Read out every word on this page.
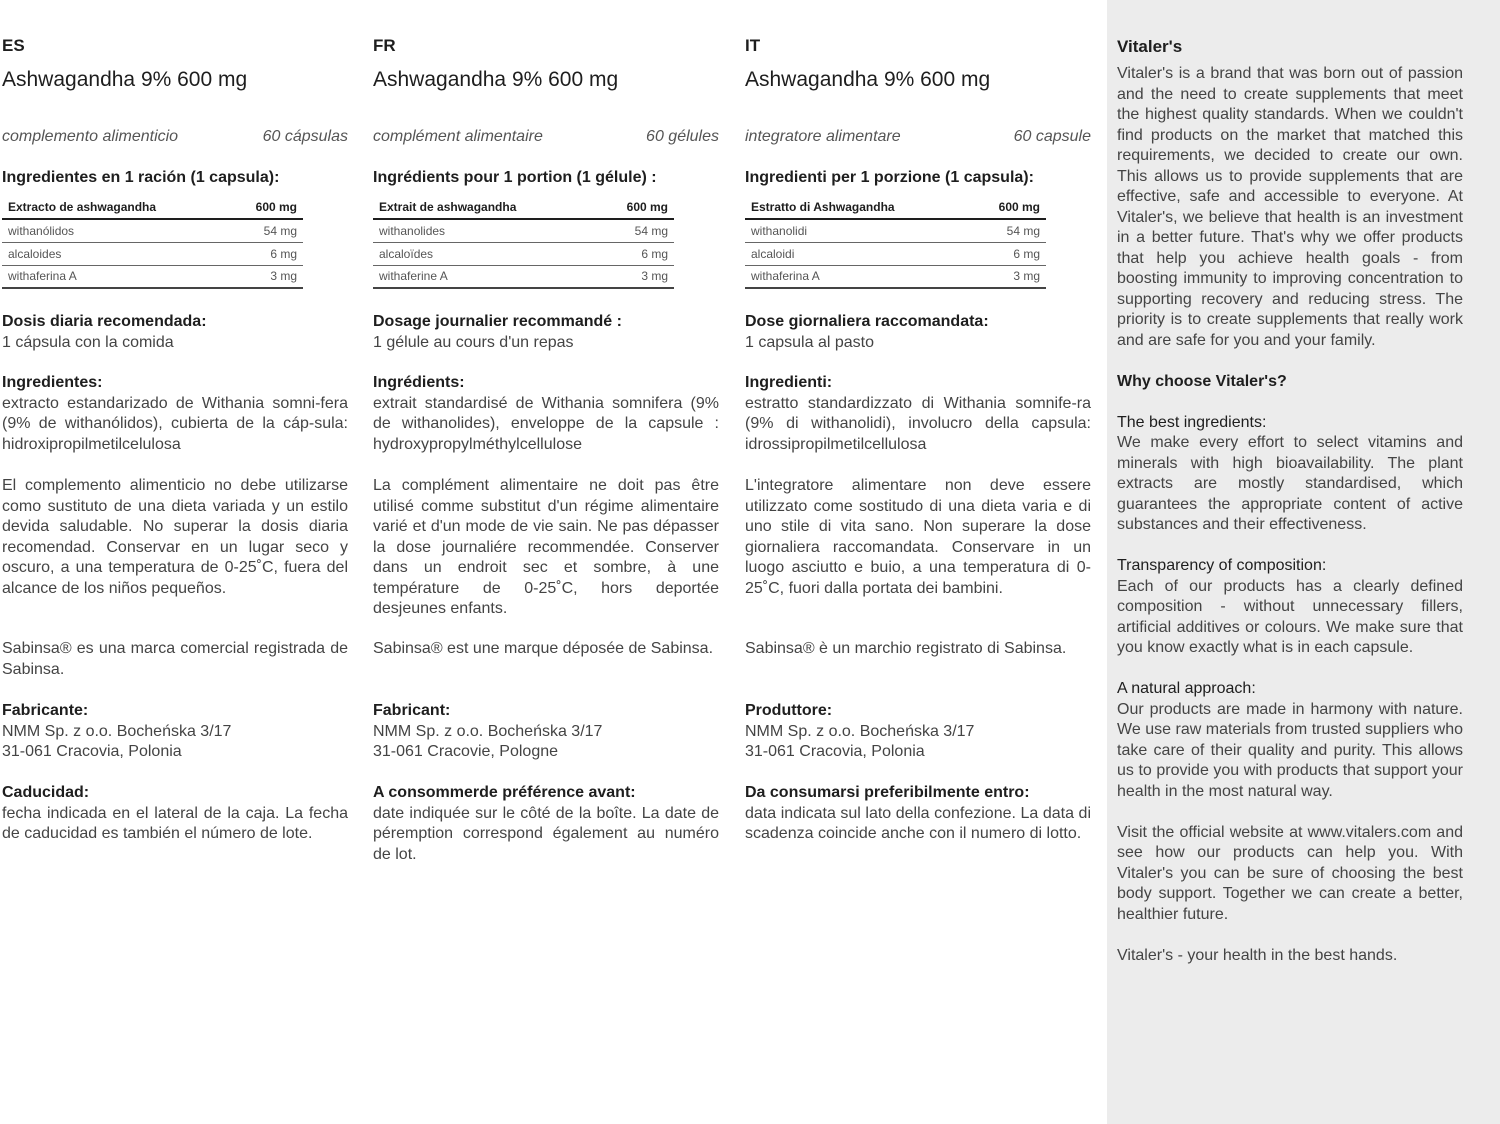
ES
Ashwagandha 9% 600 mg
complemento alimenticio	60 cápsulas
Ingredientes en 1 ración (1 capsula):
Extracto de ashwagandha	600 mg
withanólidos	54 mg
alcaloides	6 mg
withaferina A	3 mg
Dosis diaria recomendada:
1 cápsula con la comida
Ingredientes:
extracto estandarizado de Withania somni-fera (9% de withanólidos), cubierta de la cáp-sula: hidroxipropilmetilcelulosa
El complemento alimenticio no debe utilizarse como sustituto de una dieta variada y un estilo devida saludable. No superar la dosis diaria recomendad. Conservar en un lugar seco y oscuro, a una temperatura de 0-25˚C, fuera del alcance de los niños pequeños.
Sabinsa® es una marca comercial registrada de Sabinsa.
Fabricante:
NMM Sp. z o.o. Bocheńska 3/17
31-061 Cracovia, Polonia
Caducidad:
fecha indicada en el lateral de la caja. La fecha de caducidad es también el número de lote.
FR
Ashwagandha 9% 600 mg
complément alimentaire	60 gélules
Ingrédients pour 1 portion (1 gélule) :
Extrait de ashwagandha	600 mg
withanolides	54 mg
alcaloïdes	6 mg
withaferine A	3 mg
Dosage journalier recommandé :
1 gélule au cours d'un repas
Ingrédients:
extrait standardisé de Withania somnifera (9% de withanolides), enveloppe de la capsule : hydroxypropylméthylcellulose
La complément alimentaire ne doit pas être utilisé comme substitut d'un régime alimentaire varié et d'un mode de vie sain. Ne pas dépasser la dose journaliére recommendée. Conserver dans un endroit sec et sombre, à une température de 0-25˚C, hors deportée desjeunes enfants.
Sabinsa® est une marque déposée de Sabinsa.
Fabricant:
NMM Sp. z o.o. Bocheńska 3/17
31-061 Cracovie, Pologne
A consommerde préférence avant:
date indiquée sur le côté de la boîte. La date de péremption correspond également au numéro de lot.
IT
Ashwagandha 9% 600 mg
integratore alimentare	60 capsule
Ingredienti per 1 porzione (1 capsula):
Estratto di Ashwagandha	600 mg
withanolidi	54 mg
alcaloidi	6 mg
withaferina A	3 mg
Dose giornaliera raccomandata:
1 capsula al pasto
Ingredienti:
estratto standardizzato di Withania somnife-ra (9% di withanolidi), involucro della capsula: idrossipropilmetilcellulosa
L'integratore alimentare non deve essere utilizzato come sostitudo di una dieta varia e di uno stile di vita sano. Non superare la dose giornaliera raccomandata. Conservare in un luogo asciutto e buio, a una temperatura di 0-25˚C, fuori dalla portata dei bambini.
Sabinsa® è un marchio registrato di Sabinsa.
Produttore:
NMM Sp. z o.o. Bocheńska 3/17
31-061 Cracovia, Polonia
Da consumarsi preferibilmente entro:
data indicata sul lato della confezione. La data di scadenza coincide anche con il numero di lotto.
Vitaler's
Vitaler's is a brand that was born out of passion and the need to create supplements that meet the highest quality standards. When we couldn't find products on the market that matched this requirements, we decided to create our own. This allows us to provide supplements that are effective, safe and accessible to everyone. At Vitaler's, we believe that health is an investment in a better future. That's why we offer products that help you achieve health goals - from boosting immunity to improving concentration to supporting recovery and reducing stress. The priority is to create supplements that really work and are safe for you and your family.
Why choose Vitaler's?
The best ingredients:
We make every effort to select vitamins and minerals with high bioavailability. The plant extracts are mostly standardised, which guarantees the appropriate content of active substances and their effectiveness.
Transparency of composition:
Each of our products has a clearly defined composition - without unnecessary fillers, artificial additives or colours. We make sure that you know exactly what is in each capsule.
A natural approach:
Our products are made in harmony with nature. We use raw materials from trusted suppliers who take care of their quality and purity. This allows us to provide you with products that support your health in the most natural way.
Visit the official website at www.vitalers.com and see how our products can help you. With Vitaler's you can be sure of choosing the best body support. Together we can create a better, healthier future.
Vitaler's - your health in the best hands.
